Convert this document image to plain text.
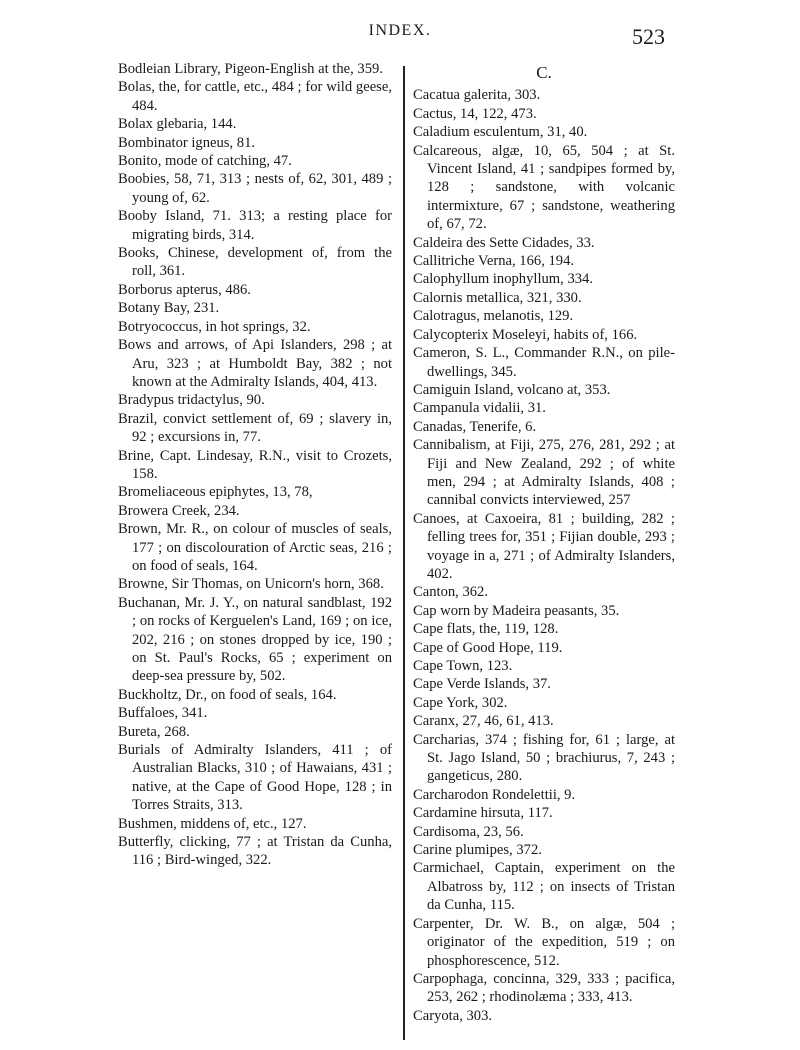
INDEX.	523

Bodleian Library, Pigeon-English at the, 359.

Bolas, the, for cattle, etc., 484 ; for wild geese, 484.

Bolax glebaria, 144.

Bombinator igneus, 81.

Bonito, mode of catching, 47.

Boobies, 58, 71, 313 ; nests of, 62, 301, 489 ; young of, 62.

Booby Island, 71. 313; a resting place for migrating birds, 314.

Books, Chinese, development of, from the roll, 361.

Borborus apterus, 486.

Botany Bay, 231.

Botryococcus, in hot springs, 32.

Bows and arrows, of Api Islanders, 298 ; at Aru, 323 ; at Humboldt Bay, 382 ; not known at the Admiralty Islands, 404, 413.

Bradypus tridactylus, 90.

Brazil, convict settlement of, 69 ; slavery in, 92 ; excursions in, 77.

Brine, Capt. Lindesay, R.N., visit to Crozets, 158.

Bromeliaceous epiphytes, 13, 78,

Browera Creek, 234.

Brown, Mr. R., on colour of muscles of seals, 177 ; on discolouration of Arctic seas, 216 ; on food of seals, 164.

Browne, Sir Thomas, on Unicorn's horn, 368.

Buchanan, Mr. J. Y., on natural sandblast, 192 ; on rocks of Kerguelen's Land, 169 ; on ice, 202, 216 ; on stones dropped by ice, 190 ; on St. Paul's Rocks, 65 ; experiment on deep-sea pressure by, 502.

Buckholtz, Dr., on food of seals, 164.

Buffaloes, 341.

Bureta, 268.

Burials of Admiralty Islanders, 411 ; of Australian Blacks, 310 ; of Hawaians, 431 ; native, at the Cape of Good Hope, 128 ; in Torres Straits, 313.

Bushmen, middens of, etc., 127.

Butterfly, clicking, 77 ; at Tristan da Cunha, 116 ; Bird-winged, 322.

C.

Cacatua galerita, 303.

Cactus, 14, 122, 473.

Caladium esculentum, 31, 40.

Calcareous, algæ, 10, 65, 504 ; at St. Vincent Island, 41 ; sandpipes formed by, 128 ; sandstone, with volcanic intermixture, 67 ; sandstone, weathering of, 67, 72.

Caldeira des Sette Cidades, 33.

Callitriche Verna, 166, 194.

Calophyllum inophyllum, 334.

Calornis metallica, 321, 330.

Calotragus, melanotis, 129.

Calycopterix Moseleyi, habits of, 166.

Cameron, S. L., Commander R.N., on pile-dwellings, 345.

Camiguin Island, volcano at, 353.

Campanula vidalii, 31.

Canadas, Tenerife, 6.

Cannibalism, at Fiji, 275, 276, 281, 292 ; at Fiji and New Zealand, 292 ; of white men, 294 ; at Admiralty Islands, 408 ; cannibal convicts interviewed, 257

Canoes, at Caxoeira, 81 ; building, 282 ; felling trees for, 351 ; Fijian double, 293 ; voyage in a, 271 ; of Admiralty Islanders, 402.

Canton, 362.

Cap worn by Madeira peasants, 35.

Cape flats, the, 119, 128.

Cape of Good Hope, 119.

Cape Town, 123.

Cape Verde Islands, 37.

Cape York, 302.

Caranx, 27, 46, 61, 413.

Carcharias, 374 ; fishing for, 61 ; large, at St. Jago Island, 50 ; brachiurus, 7, 243 ; gangeticus, 280.

Carcharodon Rondelettii, 9.

Cardamine hirsuta, 117.

Cardisoma, 23, 56.

Carine plumipes, 372.

Carmichael, Captain, experiment on the Albatross by, 112 ; on insects of Tristan da Cunha, 115.

Carpenter, Dr. W. B., on algæ, 504 ; originator of the expedition, 519 ; on phosphorescence, 512.

Carpophaga, concinna, 329, 333 ; pacifica, 253, 262 ; rhodinolæma ; 333, 413.

Caryota, 303.
